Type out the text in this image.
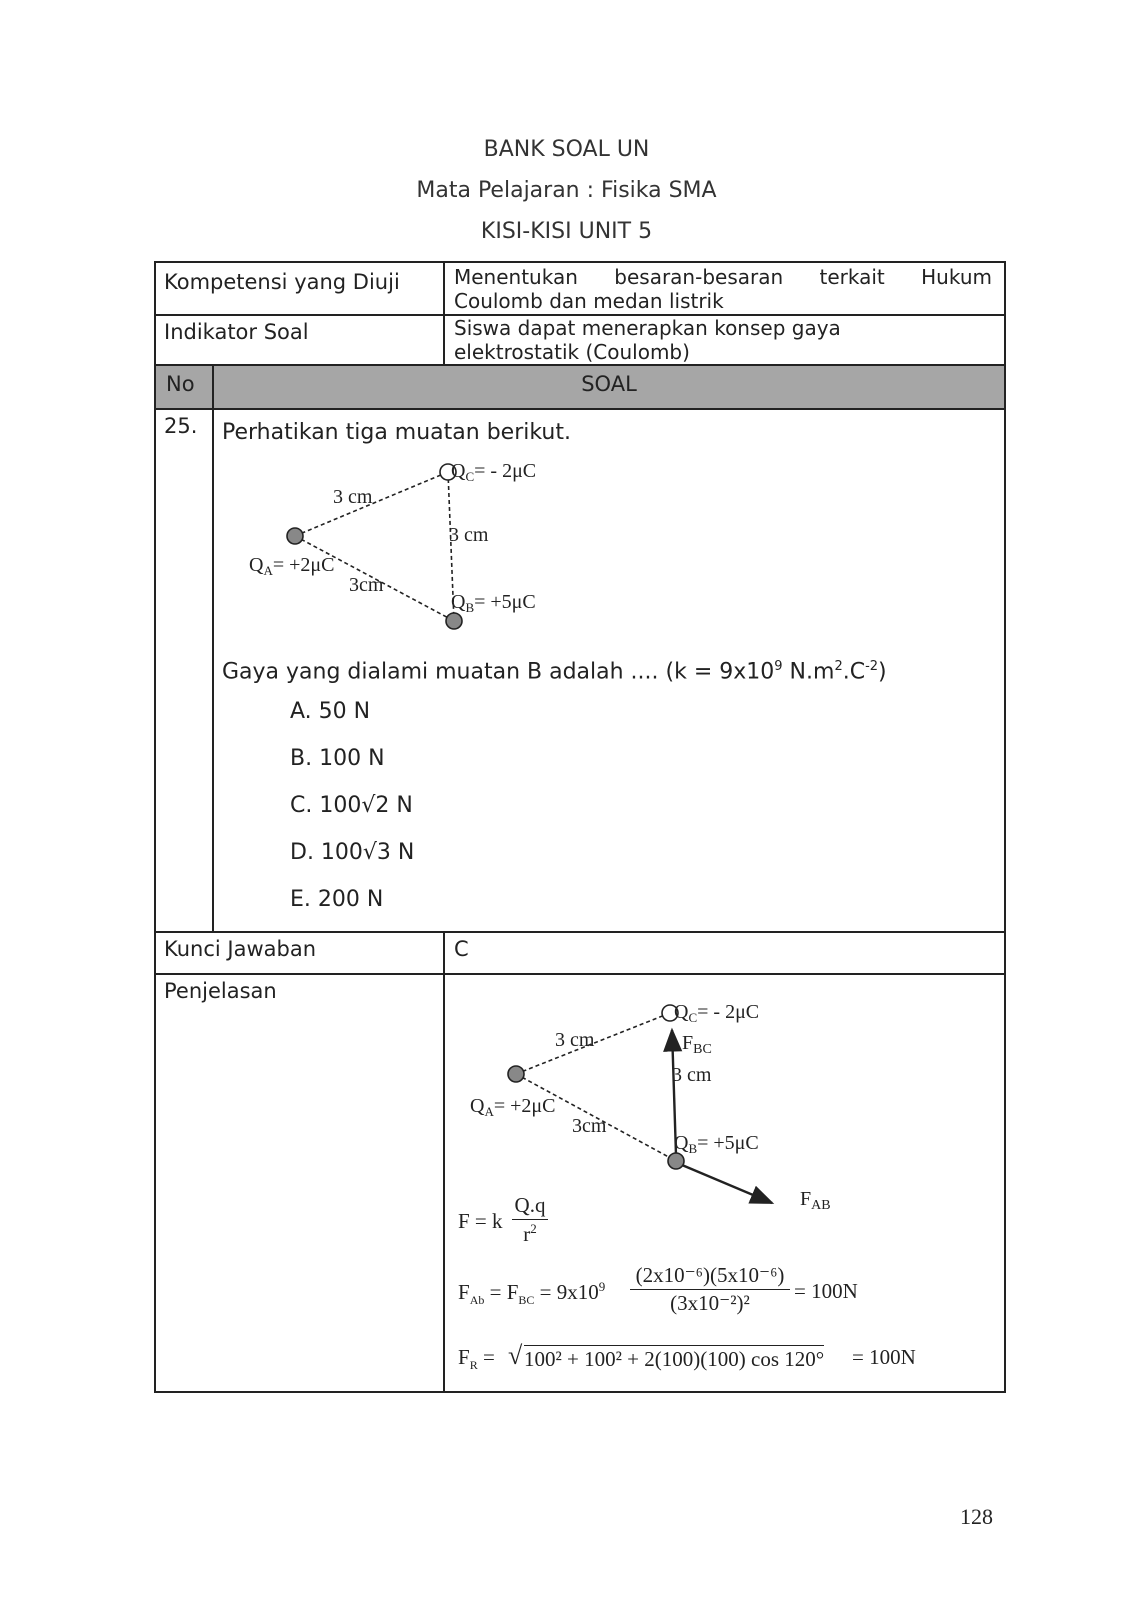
BANK SOAL UN
Mata Pelajaran : Fisika SMA
KISI-KISI UNIT 5
Kompetensi yang Diuji	Menentukan besaran-besaran terkait Hukum
Coulomb dan medan listrik
Indikator Soal	Siswa dapat menerapkan konsep gaya
elektrostatik (Coulomb)
No	SOAL
25. Perhatikan tiga muatan berikut.
$Q_C= - 2\mu C$
3 cm
3 cm
$Q_A= +2\mu C$
3cm
$Q_B= +5\mu C$
Gaya yang dialami muatan B adalah .... ($k = 9x10^9$ $N.m^2.C^{-2}$)
A. 50 N
B. 100 N
C. 100√2 N
D. 100√3 N
E. 200 N
Kunci Jawaban	C
Penjelasan
$Q_C= - 2\mu C$
3 cm	$F_{BC}$
3 cm
$Q_A= +2\mu C$
3cm
$Q_B= +5\mu C$
$F_{AB}$
F = k
Q.q
$r^2$
$F_{Ab} = F_{BC} = 9x10^9$ (2x10⁻⁶)(5x10⁻⁶)
(3x10⁻²)²	= 100N
$F_R$ = √ 100² + 100² + 2(100)(100) cos 120° = 100N
128
